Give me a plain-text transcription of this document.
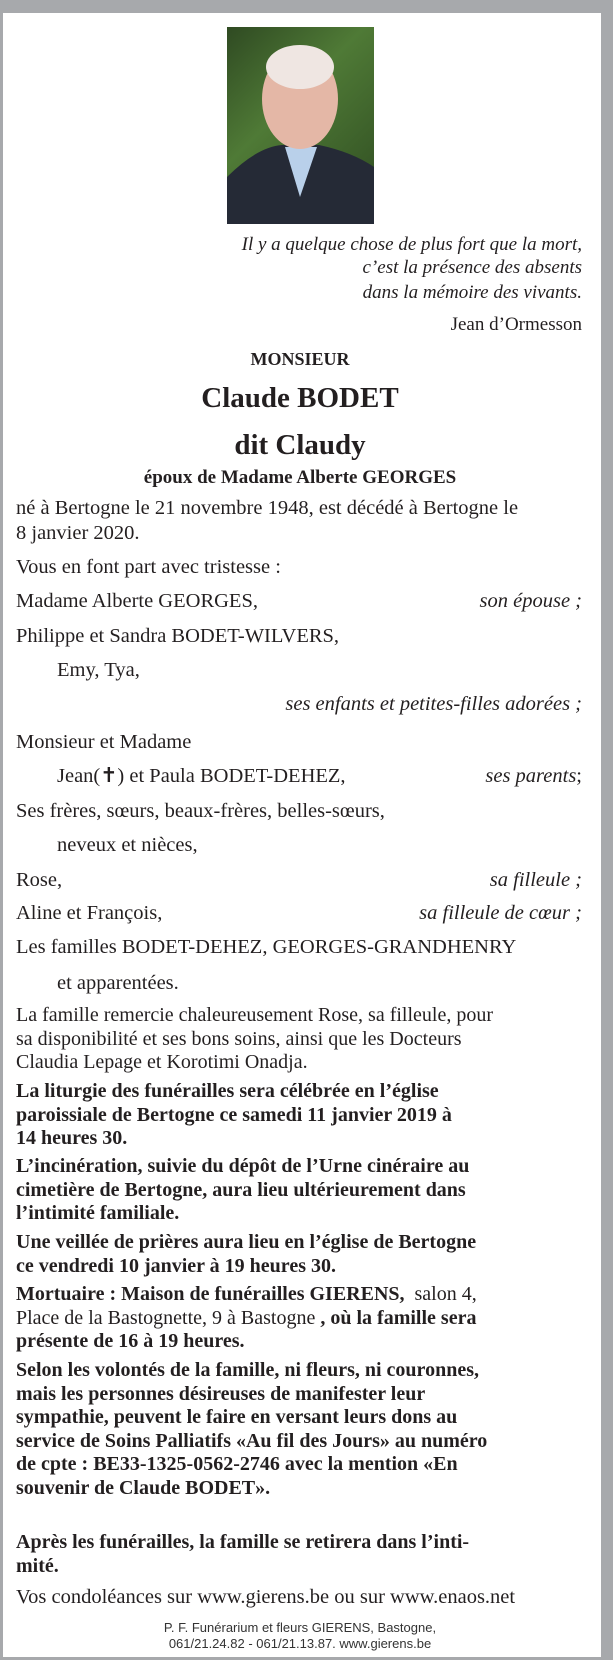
Il y a quelque chose de plus fort que la mort,
c’est la présence des absents
dans la mémoire des vivants.
Jean d’Ormesson
MONSIEUR
Claude BODET
dit Claudy
époux de Madame Alberte GEORGES
né à Bertogne le 21 novembre 1948, est décédé à Bertogne le
8 janvier 2020.
Vous en font part avec tristesse :
Madame Alberte GEORGES,	son épouse ;
Philippe et Sandra BODET-WILVERS,
Emy, Tya,
ses enfants et petites-filles adorées ;
Monsieur et Madame
Jean(✝) et Paula BODET-DEHEZ,	ses parents;
Ses frères, sœurs, beaux-frères, belles-sœurs,
neveux et nièces,
Rose,	sa filleule ;
Aline et François,	sa filleule de cœur ;
Les familles BODET-DEHEZ, GEORGES-GRANDHENRY
et apparentées.
La famille remercie chaleureusement Rose, sa filleule, pour
sa disponibilité et ses bons soins, ainsi que les Docteurs
Claudia Lepage et Korotimi Onadja.
La liturgie des funérailles sera célébrée en l’église
paroissiale de Bertogne ce samedi 11 janvier 2019 à
14 heures 30.
L’incinération, suivie du dépôt de l’Urne cinéraire au
cimetière de Bertogne, aura lieu ultérieurement dans
l’intimité familiale.
Une veillée de prières aura lieu en l’église de Bertogne
ce vendredi 10 janvier à 19 heures 30.
Mortuaire : Maison de funérailles GIERENS, salon 4,
Place de la Bastognette, 9 à Bastogne , où la famille sera
présente de 16 à 19 heures.
Selon les volontés de la famille, ni fleurs, ni couronnes,
mais les personnes désireuses de manifester leur
sympathie, peuvent le faire en versant leurs dons au
service de Soins Palliatifs «Au fil des Jours» au numéro
de cpte : BE33-1325-0562-2746 avec la mention «En
souvenir de Claude BODET».
Après les funérailles, la famille se retirera dans l’inti-
mité.
Vos condoléances sur www.gierens.be ou sur www.enaos.net
P. F. Funérarium et fleurs GIERENS, Bastogne,
061/21.24.82 - 061/21.13.87. www.gierens.be
